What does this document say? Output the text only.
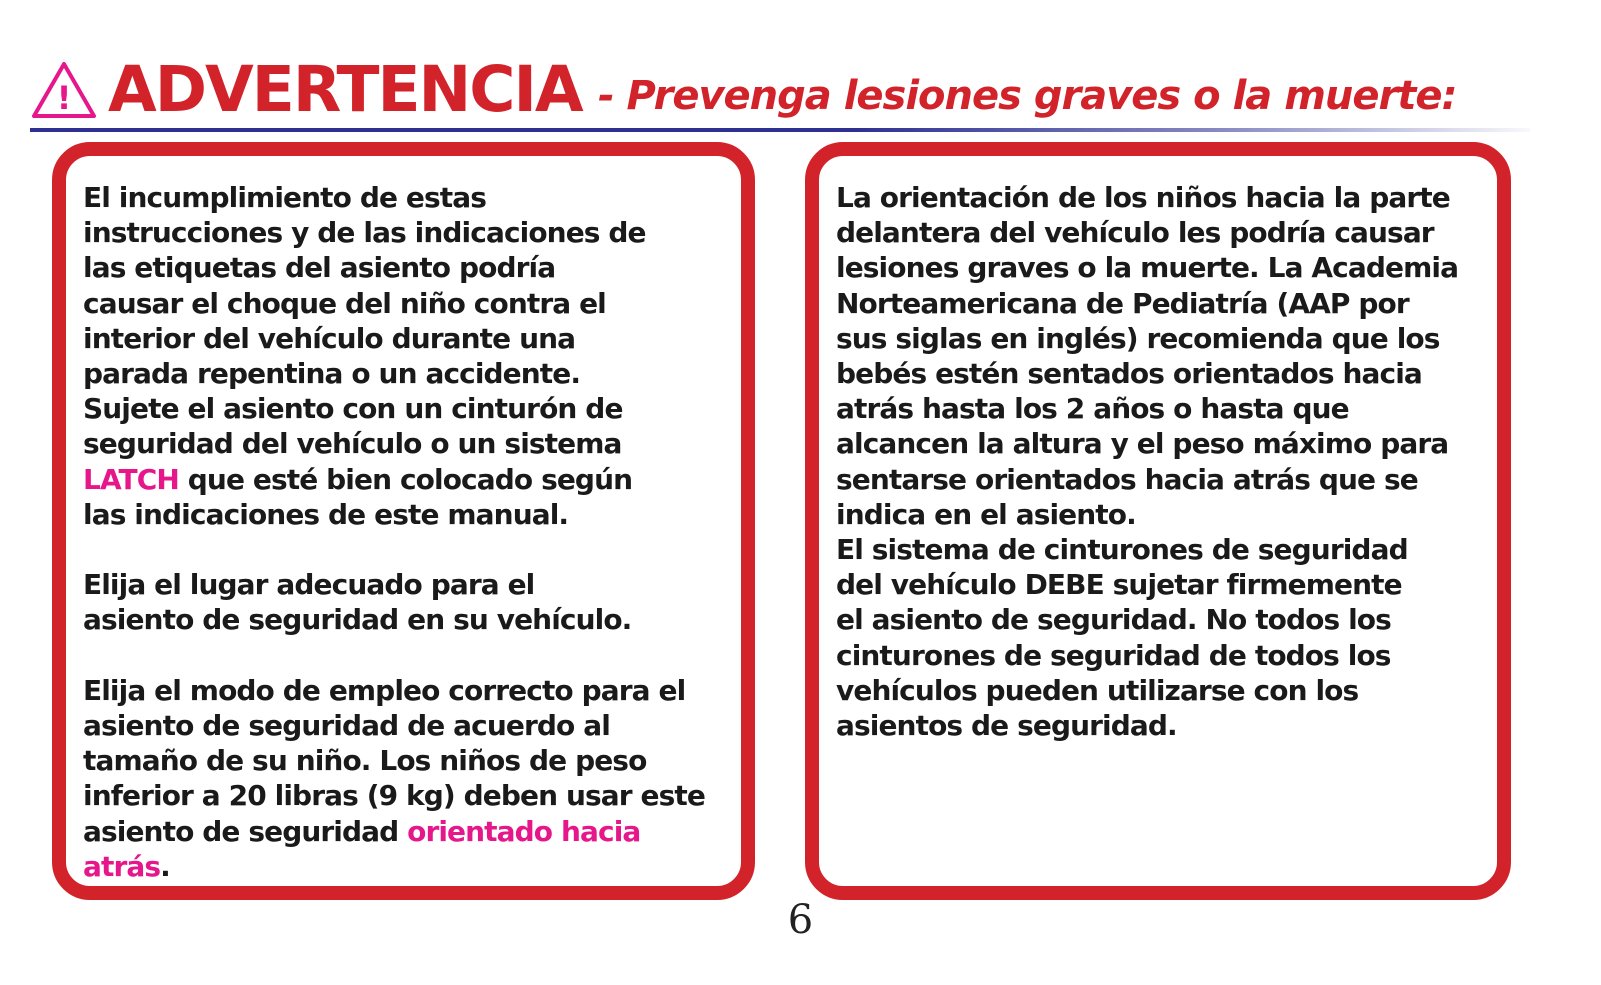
! ADVERTENCIA - Prevenga lesiones graves o la muerte:

El incumplimiento de estas
instrucciones y de las indicaciones de
las etiquetas del asiento podría
causar el choque del niño contra el
interior del vehículo durante una
parada repentina o un accidente.
Sujete el asiento con un cinturón de
seguridad del vehículo o un sistema
LATCH que esté bien colocado según
las indicaciones de este manual.

Elija el lugar adecuado para el
asiento de seguridad en su vehículo.

Elija el modo de empleo correcto para el
asiento de seguridad de acuerdo al
tamaño de su niño. Los niños de peso
inferior a 20 libras (9 kg) deben usar este
asiento de seguridad orientado hacia
atrás.

La orientación de los niños hacia la parte
delantera del vehículo les podría causar
lesiones graves o la muerte. La Academia
Norteamericana de Pediatría (AAP por
sus siglas en inglés) recomienda que los
bebés estén sentados orientados hacia
atrás hasta los 2 años o hasta que
alcancen la altura y el peso máximo para
sentarse orientados hacia atrás que se
indica en el asiento.

El sistema de cinturones de seguridad
del vehículo DEBE sujetar firmemente
el asiento de seguridad. No todos los
cinturones de seguridad de todos los
vehículos pueden utilizarse con los
asientos de seguridad.

6
